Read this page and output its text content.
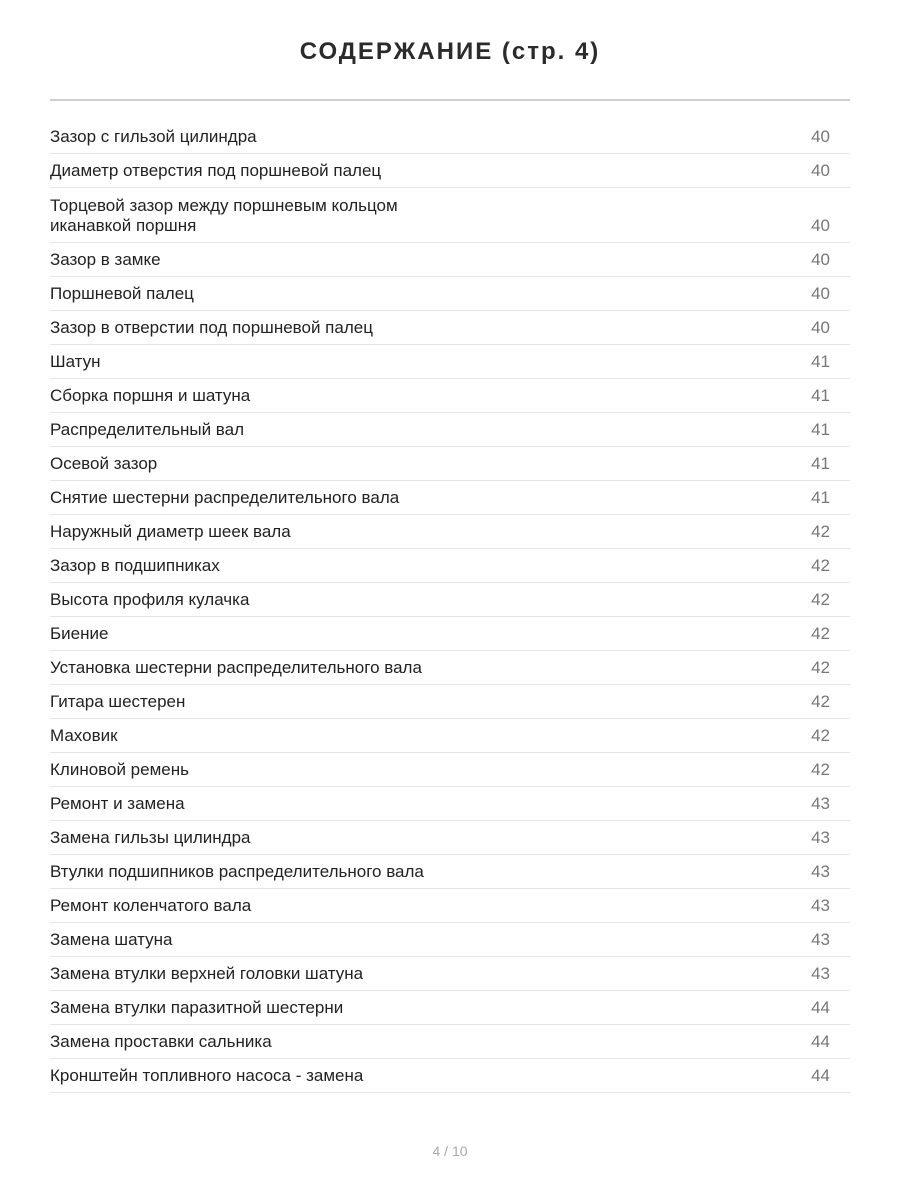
СОДЕРЖАНИЕ (стр. 4)
Зазор с гильзой цилиндра	40
Диаметр отверстия под поршневой палец	40
Торцевой зазор между поршневым кольцом иканавкой поршня	40
Зазор в замке	40
Поршневой палец	40
Зазор в отверстии под поршневой палец	40
Шатун	41
Сборка поршня и шатуна	41
Распределительный вал	41
Осевой зазор	41
Снятие шестерни распределительного вала	41
Наружный диаметр шеек вала	42
Зазор в подшипниках	42
Высота профиля кулачка	42
Биение	42
Установка шестерни распределительного вала	42
Гитара шестерен	42
Маховик	42
Клиновой ремень	42
Ремонт и замена	43
Замена гильзы цилиндра	43
Втулки подшипников распределительного вала	43
Ремонт коленчатого вала	43
Замена шатуна	43
Замена втулки верхней головки шатуна	43
Замена втулки паразитной шестерни	44
Замена проставки сальника	44
Кронштейн топливного насоса - замена	44
4 / 10
